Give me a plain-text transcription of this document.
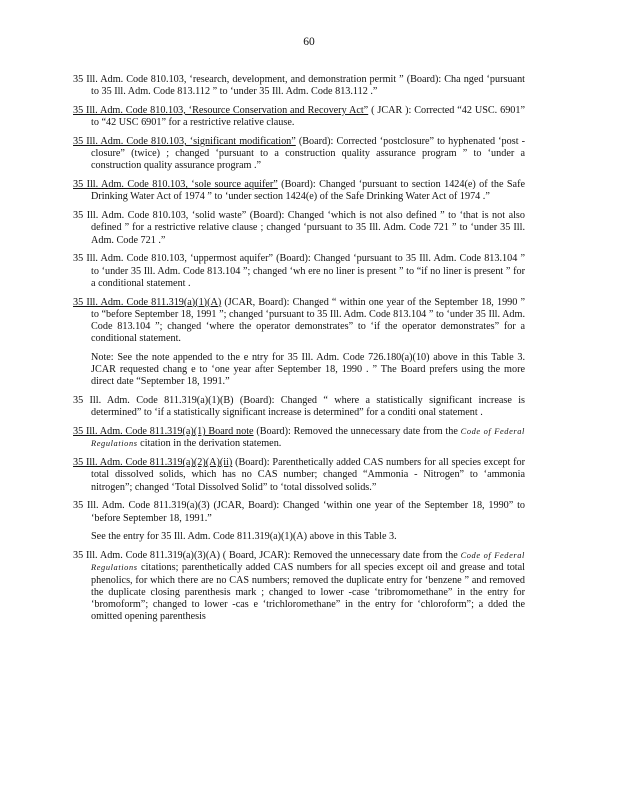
60

35 Ill. Adm. Code 810.103, ‘research, development, and demonstration permit ” (Board): Cha nged ‘pursuant to 35 Ill. Adm. Code 813.112 ” to ‘under 35 Ill. Adm. Code 813.112 .”

35 Ill. Adm. Code 810.103, ‘Resource Conservation and Recovery Act” ( JCAR ): Corrected “42 USC. 6901” to “42 USC 6901” for a restrictive relative clause.

35 Ill. Adm. Code 810.103, ‘significant modification” (Board): Corrected ‘postclosure” to hyphenated ‘post -closure” (twice) ; changed ‘pursuant to a construction quality assurance program ” to ‘under a construction quality assurance program .”

35 Ill. Adm. Code 810.103, ‘sole source aquifer” (Board): Changed ‘pursuant to section 1424(e) of the Safe Drinking Water Act of 1974 ” to ‘under section 1424(e) of the Safe Drinking Water Act of 1974 .”

35 Ill. Adm. Code 810.103, ‘solid waste” (Board): Changed ‘which is not also defined ” to ‘that is not also defined ” for a restrictive relative clause ; changed ‘pursuant to 35 Ill. Adm. Code 721 ” to ‘under 35 Ill. Adm. Code 721 .”

35 Ill. Adm. Code 810.103, ‘uppermost aquifer” (Board): Changed ‘pursuant to 35 Ill. Adm. Code 813.104 ” to ‘under 35 Ill. Adm. Code 813.104 ”; changed ‘wh ere no liner is present ” to “if no liner is present ” for a conditional statement .

35 Ill. Adm. Code 811.319(a)(1)(A) (JCAR, Board): Changed “ within one year of the September 18, 1990 ” to “before September 18, 1991 ”; changed ‘pursuant to 35 Ill. Adm. Code 813.104 ” to ‘under 35 Ill. Adm. Code 813.104 ”; changed ‘where the operator demonstrates” to ‘if the operator demonstrates” for a conditional statement.

Note: See the note appended to the e ntry for 35 Ill. Adm. Code 726.180(a)(10) above in this Table 3. JCAR requested chang e to ‘one year after September 18, 1990 . ” The Board prefers using the more direct date “September 18, 1991.”

35 Ill. Adm. Code 811.319(a)(1)(B) (Board): Changed “ where a statistically significant increase is determined” to ‘if a statistically significant increase is determined” for a conditi onal statement .

35 Ill. Adm. Code 811.319(a)(1) Board note (Board): Removed the unnecessary date from the Code of Federal Regulations citation in the derivation statemen.

35 Ill. Adm. Code 811.319(a)(2)(A)(ii) (Board): Parenthetically added CAS numbers for all species except for total dissolved solids, which has no CAS number; changed “Ammonia - Nitrogen” to ‘ammonia nitrogen”; changed ‘Total Dissolved Solid” to ‘total dissolved solids.”

35 Ill. Adm. Code 811.319(a)(3) (JCAR, Board): Changed ‘within one year of the September 18, 1990” to ‘before September 18, 1991.”

See the entry for 35 Ill. Adm. Code 811.319(a)(1)(A) above in this Table 3.

35 Ill. Adm. Code 811.319(a)(3)(A) ( Board, JCAR): Removed the unnecessary date from the Code of Federal Regulations citations; parenthetically added CAS numbers for all species except oil and grease and total phenolics, for which there are no CAS numbers; removed the duplicate entry for ‘benzene ” and removed the duplicate closing parenthesis mark ; changed to lower -case ‘tribromomethane” in the entry for ‘bromoform”; changed to lower -cas e ‘trichloromethane” in the entry for ‘chloroform”; a dded the omitted opening parenthesis
